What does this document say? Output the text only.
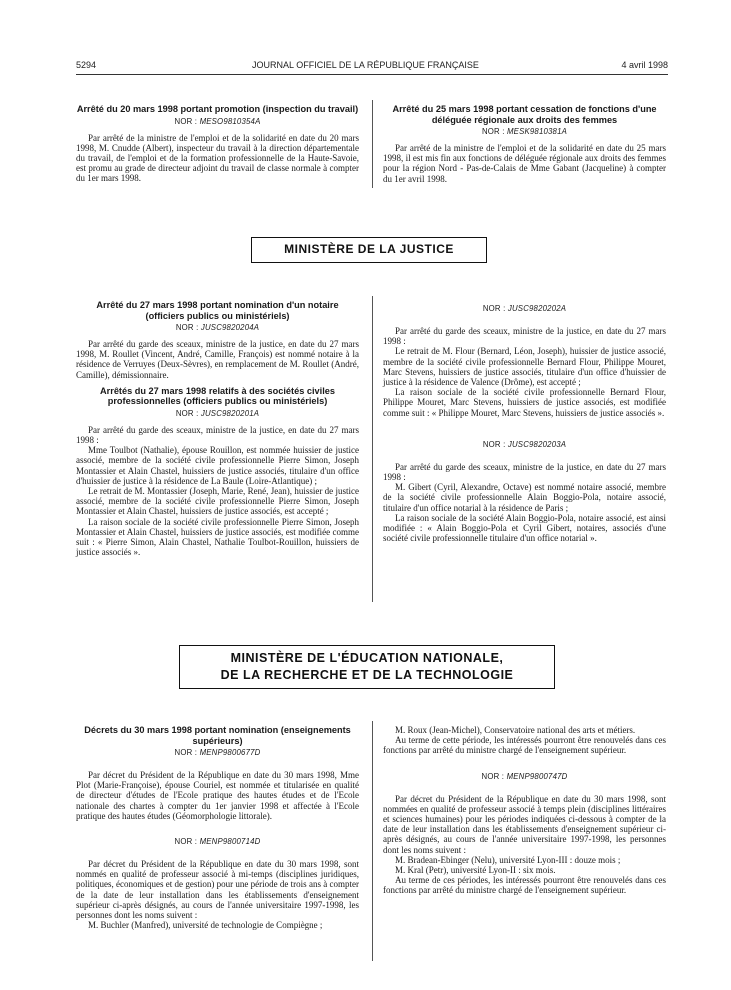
5294	JOURNAL OFFICIEL DE LA RÉPUBLIQUE FRANÇAISE	4 avril 1998
Arrêté du 20 mars 1998 portant promotion (inspection du travail)
NOR : MESO9810354A

Par arrêté de la ministre de l'emploi et de la solidarité en date du 20 mars 1998, M. Cnudde (Albert), inspecteur du travail à la direction départementale du travail, de l'emploi et de la formation professionnelle de la Haute-Savoie, est promu au grade de directeur adjoint du travail de classe normale à compter du 1er mars 1998.

Arrêté du 25 mars 1998 portant cessation de fonctions d'une déléguée régionale aux droits des femmes
NOR : MESK9810381A

Par arrêté de la ministre de l'emploi et de la solidarité en date du 25 mars 1998, il est mis fin aux fonctions de déléguée régionale aux droits des femmes pour la région Nord - Pas-de-Calais de Mme Gabant (Jacqueline) à compter du 1er avril 1998.

MINISTÈRE DE LA JUSTICE
Arrêté du 27 mars 1998 portant nomination d'un notaire (officiers publics ou ministériels)
NOR : JUSC9820204A

Par arrêté du garde des sceaux, ministre de la justice, en date du 27 mars 1998, M. Roullet (Vincent, André, Camille, François) est nommé notaire à la résidence de Verruyes (Deux-Sèvres), en remplacement de M. Roullet (André, Camille), démissionnaire.

Arrêtés du 27 mars 1998 relatifs à des sociétés civiles professionnelles (officiers publics ou ministériels)
NOR : JUSC9820201A

Par arrêté du garde des sceaux, ministre de la justice, en date du 27 mars 1998 :

Mme Toulbot (Nathalie), épouse Rouillon, est nommée huissier de justice associé, membre de la société civile professionnelle Pierre Simon, Joseph Montassier et Alain Chastel, huissiers de justice associés, titulaire d'un office d'huissier de justice à la résidence de La Baule (Loire-Atlantique) ;

Le retrait de M. Montassier (Joseph, Marie, René, Jean), huissier de justice associé, membre de la société civile professionnelle Pierre Simon, Joseph Montassier et Alain Chastel, huissiers de justice associés, est accepté ;

La raison sociale de la société civile professionnelle Pierre Simon, Joseph Montassier et Alain Chastel, huissiers de justice associés, est modifiée comme suit : « Pierre Simon, Alain Chastel, Nathalie Toulbot-Rouillon, huissiers de justice associés ».

NOR : JUSC9820202A

Par arrêté du garde des sceaux, ministre de la justice, en date du 27 mars 1998 :

Le retrait de M. Flour (Bernard, Léon, Joseph), huissier de justice associé, membre de la société civile professionnelle Bernard Flour, Philippe Mouret, Marc Stevens, huissiers de justice associés, titulaire d'un office d'huissier de justice à la résidence de Valence (Drôme), est accepté ;

La raison sociale de la société civile professionnelle Bernard Flour, Philippe Mouret, Marc Stevens, huissiers de justice associés, est modifiée comme suit : « Philippe Mouret, Marc Stevens, huissiers de justice associés ».

NOR : JUSC9820203A

Par arrêté du garde des sceaux, ministre de la justice, en date du 27 mars 1998 :

M. Gibert (Cyril, Alexandre, Octave) est nommé notaire associé, membre de la société civile professionnelle Alain Boggio-Pola, notaire associé, titulaire d'un office notarial à la résidence de Paris ;

La raison sociale de la société Alain Boggio-Pola, notaire associé, est ainsi modifiée : « Alain Boggio-Pola et Cyril Gibert, notaires, associés d'une société civile professionnelle titulaire d'un office notarial ».

MINISTÈRE DE L'ÉDUCATION NATIONALE,
DE LA RECHERCHE ET DE LA TECHNOLOGIE
Décrets du 30 mars 1998 portant nomination (enseignements supérieurs)
NOR : MENP9800677D

Par décret du Président de la République en date du 30 mars 1998, Mme Plot (Marie-Françoise), épouse Couriel, est nommée et titularisée en qualité de directeur d'études de l'Ecole pratique des hautes études et de l'Ecole nationale des chartes à compter du 1er janvier 1998 et affectée à l'Ecole pratique des hautes études (Géomorphologie littorale).

NOR : MENP9800714D

Par décret du Président de la République en date du 30 mars 1998, sont nommés en qualité de professeur associé à mi-temps (disciplines juridiques, politiques, économiques et de gestion) pour une période de trois ans à compter de la date de leur installation dans les établissements d'enseignement supérieur ci-après désignés, au cours de l'année universitaire 1997-1998, les personnes dont les noms suivent :

M. Buchler (Manfred), université de technologie de Compiègne ;

M. Roux (Jean-Michel), Conservatoire national des arts et métiers.

Au terme de cette période, les intéressés pourront être renouvelés dans ces fonctions par arrêté du ministre chargé de l'enseignement supérieur.

NOR : MENP9800747D

Par décret du Président de la République en date du 30 mars 1998, sont nommées en qualité de professeur associé à temps plein (disciplines littéraires et sciences humaines) pour les périodes indiquées ci-dessous à compter de la date de leur installation dans les établissements d'enseignement supérieur ci-après désignés, au cours de l'année universitaire 1997-1998, les personnes dont les noms suivent :

M. Bradean-Ebinger (Nelu), université Lyon-III : douze mois ;

M. Kral (Petr), université Lyon-II : six mois.

Au terme de ces périodes, les intéressés pourront être renouvelés dans ces fonctions par arrêté du ministre chargé de l'enseignement supérieur.
